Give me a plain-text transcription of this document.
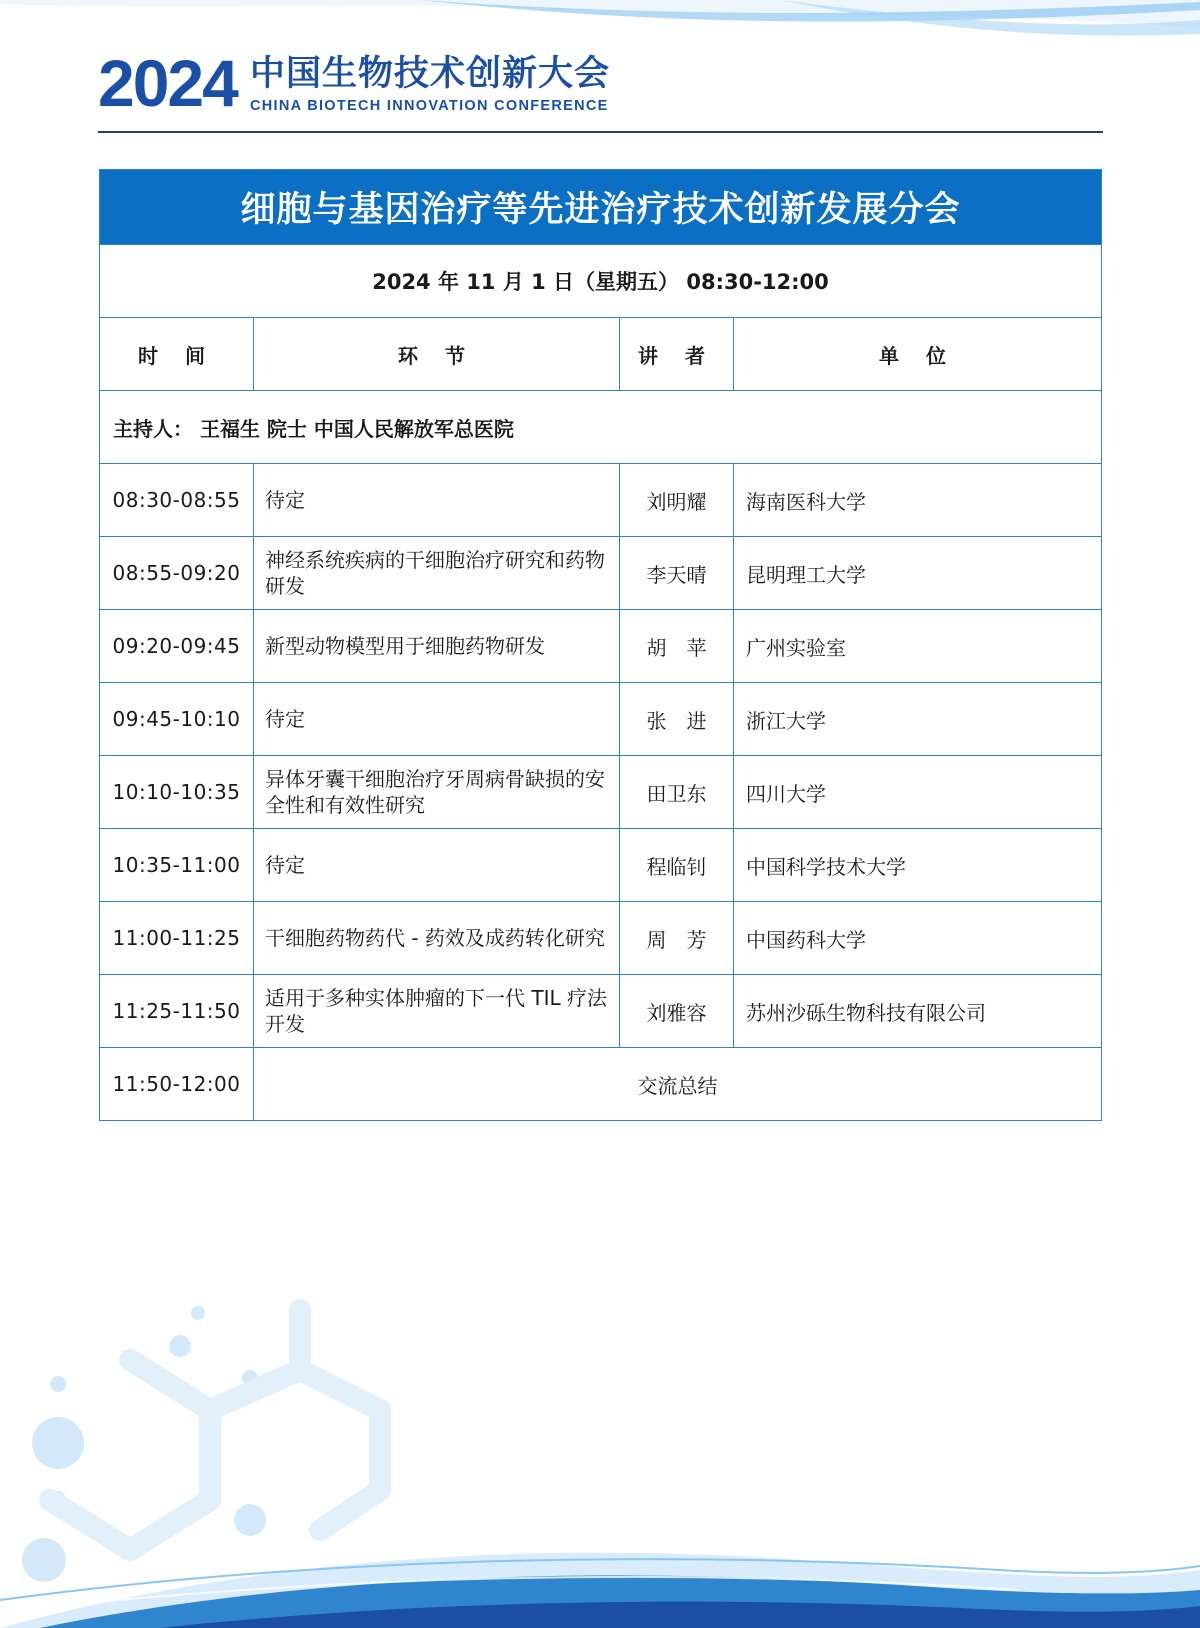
2024 中国生物技术创新大会
CHINA BIOTECH INNOVATION CONFERENCE
细胞与基因治疗等先进治疗技术创新发展分会			
2024 年 11 月 1 日（星期五） 08:30-12:00			
时 间	环 节	讲 者	单 位
主持人： 王福生 院士 中国人民解放军总医院			
08:30-08:55	待定	刘明耀	海南医科大学
08:55-09:20	神经系统疾病的干细胞治疗研究和药物研发	李天晴	昆明理工大学
09:20-09:45	新型动物模型用于细胞药物研发	胡　苹	广州实验室
09:45-10:10	待定	张　进	浙江大学
10:10-10:35	异体牙囊干细胞治疗牙周病骨缺损的安全性和有效性研究	田卫东	四川大学
10:35-11:00	待定	程临钊	中国科学技术大学
11:00-11:25	干细胞药物药代 - 药效及成药转化研究	周　芳	中国药科大学
11:25-11:50	适用于多种实体肿瘤的下一代 TIL 疗法开发	刘雅容	苏州沙砾生物科技有限公司
11:50-12:00	交流总结		
